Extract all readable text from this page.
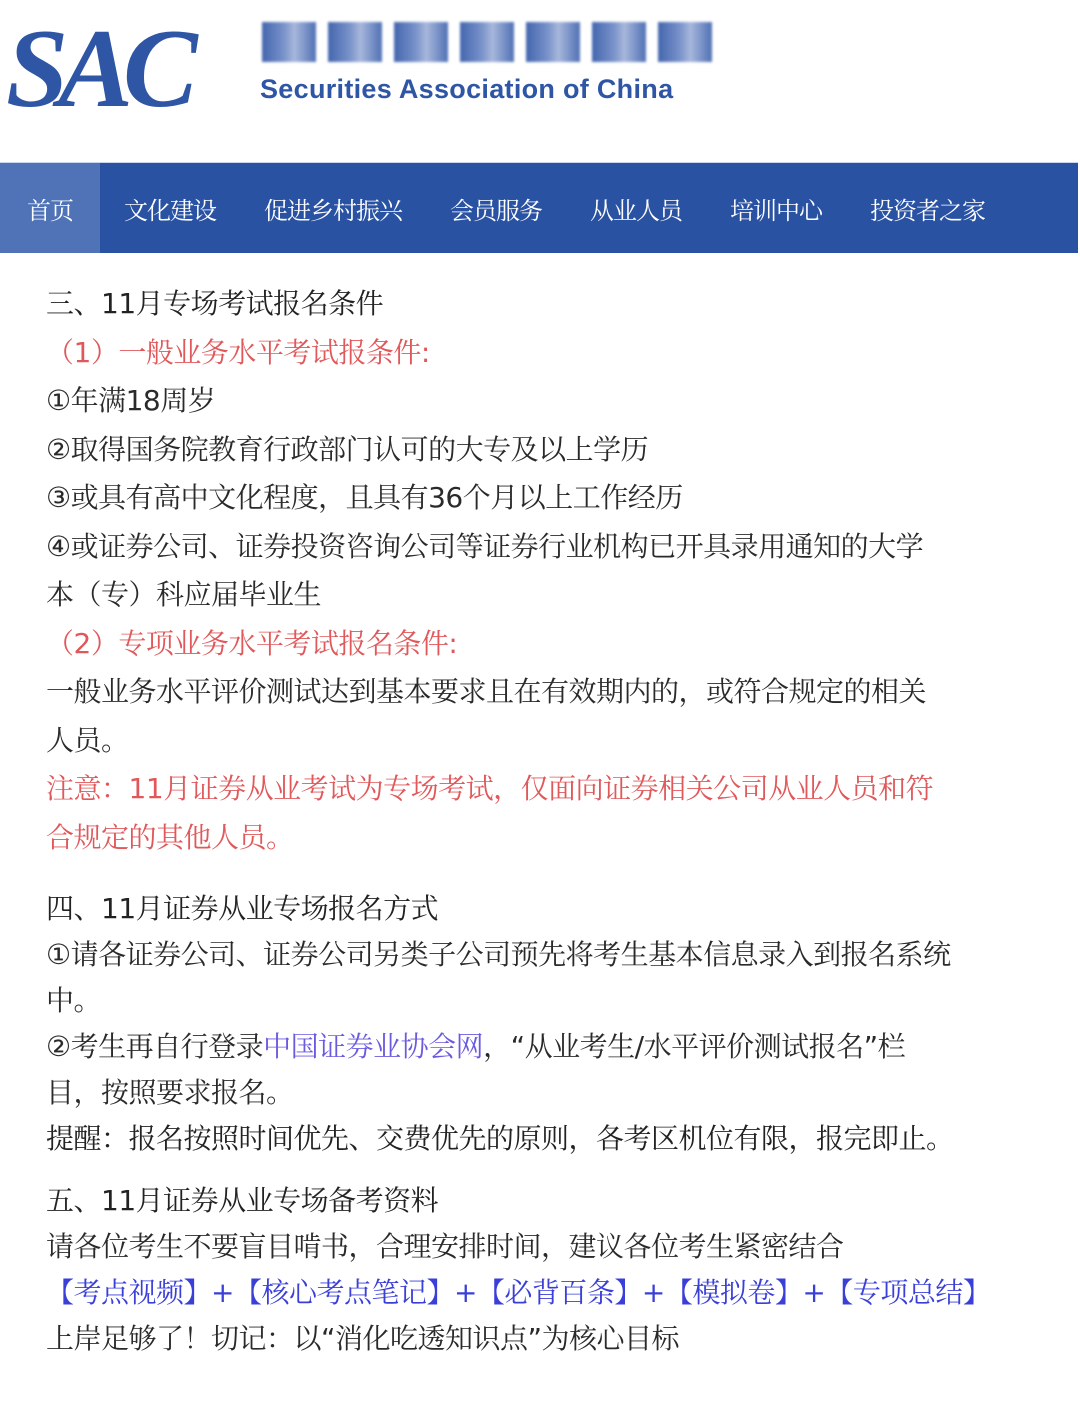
SAC	Securities Association of China
首页	文化建设	促进乡村振兴	会员服务	从业人员	培训中心	投资者之家
三、11月专场考试报名条件
（1）一般业务水平考试报条件:
①年满18周岁
②取得国务院教育行政部门认可的大专及以上学历
③或具有高中文化程度，且具有36个月以上工作经历
④或证券公司、证券投资咨询公司等证券行业机构已开具录用通知的大学
本（专）科应届毕业生
（2）专项业务水平考试报名条件:
一般业务水平评价测试达到基本要求且在有效期内的，或符合规定的相关
人员。
注意：11月证券从业考试为专场考试，仅面向证券相关公司从业人员和符
合规定的其他人员。
四、11月证券从业专场报名方式
①请各证券公司、证券公司另类子公司预先将考生基本信息录入到报名系统
中。
②考生再自行登录中国证券业协会网，“从业考生/水平评价测试报名”栏
目，按照要求报名。
提醒：报名按照时间优先、交费优先的原则，各考区机位有限，报完即止。
五、11月证券从业专场备考资料
请各位考生不要盲目啃书，合理安排时间，建议各位考生紧密结合
【考点视频】+【核心考点笔记】+【必背百条】+【模拟卷】+【专项总结】
上岸足够了！切记：以“消化吃透知识点”为核心目标
